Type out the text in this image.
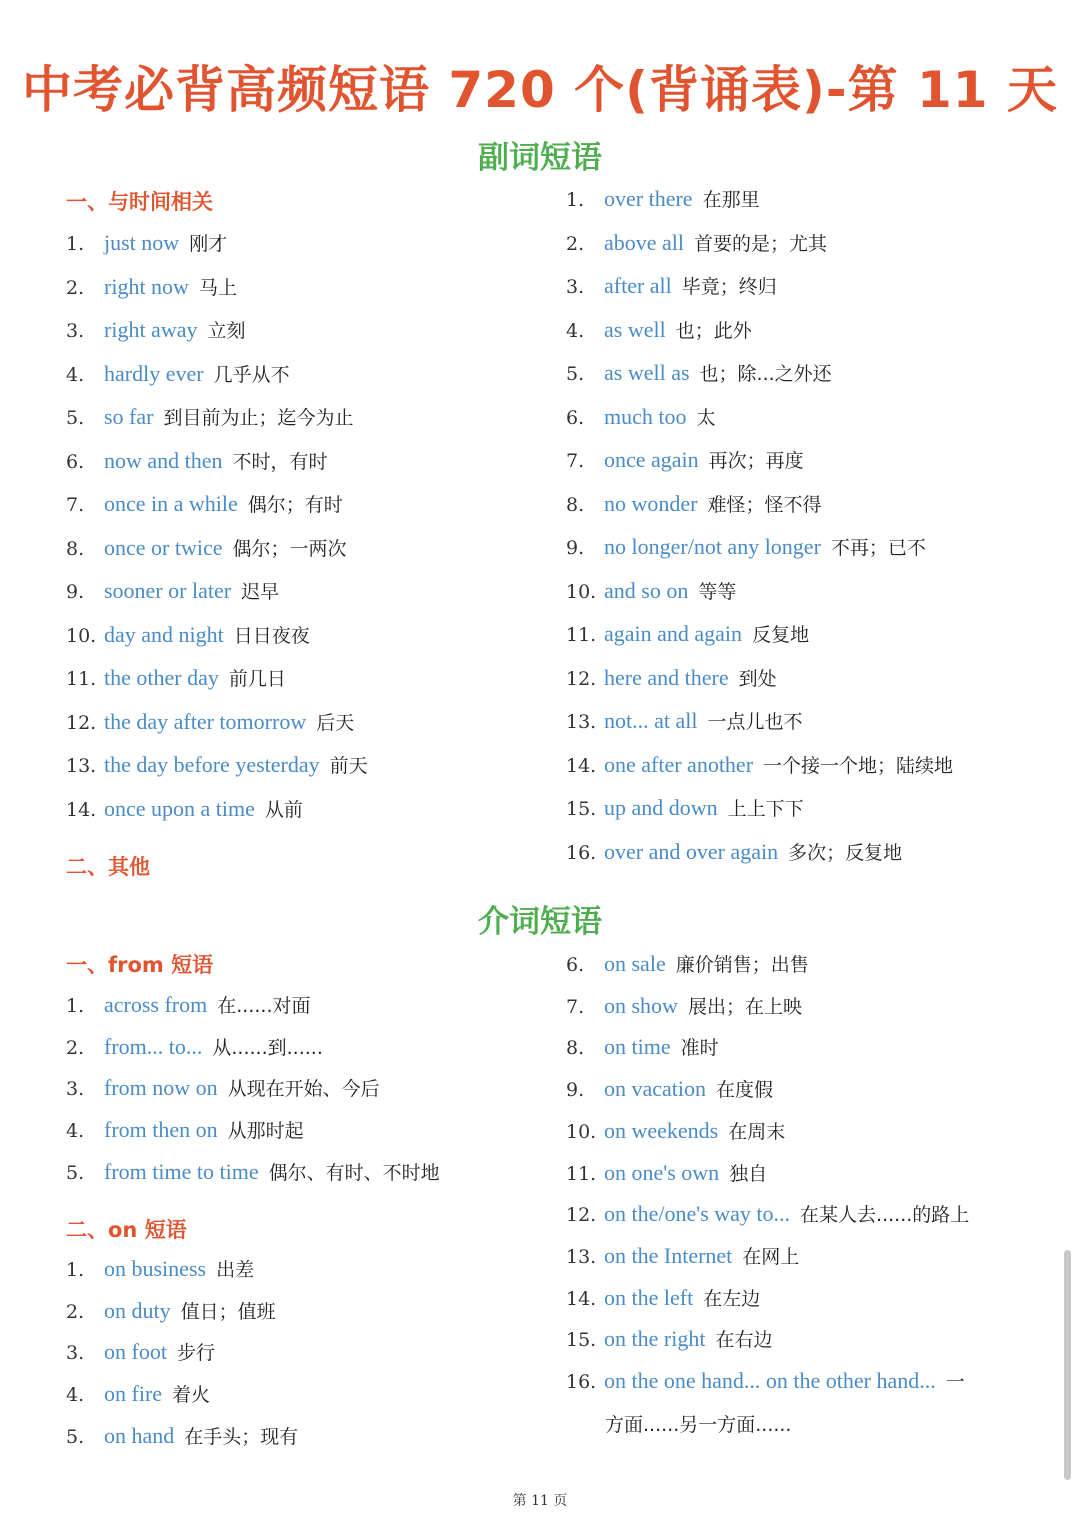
中考必背高频短语 720 个(背诵表)-第 11 天
副词短语
一、与时间相关
1. just now 刚才
2. right now 马上
3. right away 立刻
4. hardly ever 几乎从不
5. so far 到目前为止；迄今为止
6. now and then 不时，有时
7. once in a while 偶尔；有时
8. once or twice 偶尔；一两次
9. sooner or later 迟早
10. day and night 日日夜夜
11. the other day 前几日
12. the day after tomorrow 后天
13. the day before yesterday 前天
14. once upon a time 从前
二、其他
1. over there 在那里
2. above all 首要的是；尤其
3. after all 毕竟；终归
4. as well 也；此外
5. as well as 也；除...之外还
6. much too 太
7. once again 再次；再度
8. no wonder 难怪；怪不得
9. no longer/not any longer 不再；已不
10. and so on 等等
11. again and again 反复地
12. here and there 到处
13. not... at all 一点儿也不
14. one after another 一个接一个地；陆续地
15. up and down 上上下下
16. over and over again 多次；反复地
介词短语
一、from 短语
1. across from 在......对面
2. from... to... 从......到......
3. from now on 从现在开始、今后
4. from then on 从那时起
5. from time to time 偶尔、有时、不时地
二、on 短语
1. on business 出差
2. on duty 值日；值班
3. on foot 步行
4. on fire 着火
5. on hand 在手头；现有
6. on sale 廉价销售；出售
7. on show 展出；在上映
8. on time 准时
9. on vacation 在度假
10. on weekends 在周末
11. on one's own 独自
12. on the/one's way to... 在某人去......的路上
13. on the Internet 在网上
14. on the left 在左边
15. on the right 在右边
16. on the one hand... on the other hand... 一
方面......另一方面......
第 11 页
